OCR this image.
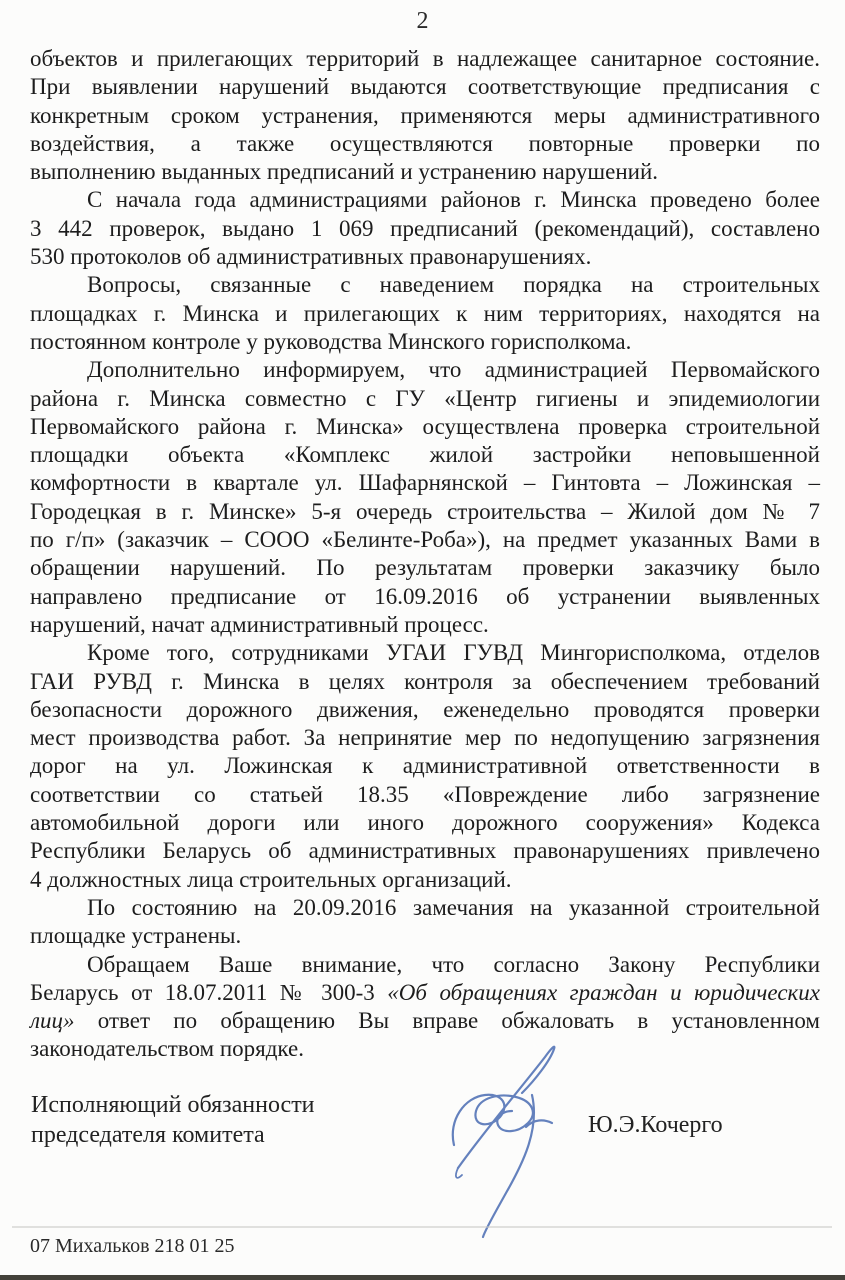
2
объектов и прилегающих территорий в надлежащее санитарное состояние.
При выявлении нарушений выдаются соответствующие предписания с
конкретным сроком устранения, применяются меры административного
воздействия, а также осуществляются повторные проверки по
выполнению выданных предписаний и устранению нарушений.
С начала года администрациями районов г. Минска проведено более
3 442 проверок, выдано 1 069 предписаний (рекомендаций), составлено
530 протоколов об административных правонарушениях.
Вопросы, связанные с наведением порядка на строительных
площадках г. Минска и прилегающих к ним территориях, находятся на
постоянном контроле у руководства Минского горисполкома.
Дополнительно информируем, что администрацией Первомайского
района г. Минска совместно с ГУ «Центр гигиены и эпидемиологии
Первомайского района г. Минска» осуществлена проверка строительной
площадки объекта «Комплекс жилой застройки неповышенной
комфортности в квартале ул. Шафарнянской – Гинтовта – Ложинская –
Городецкая в г. Минске» 5-я очередь строительства – Жилой дом № 7
по г/п» (заказчик – СООО «Белинте-Роба»), на предмет указанных Вами в
обращении нарушений. По результатам проверки заказчику было
направлено предписание от 16.09.2016 об устранении выявленных
нарушений, начат административный процесс.
Кроме того, сотрудниками УГАИ ГУВД Мингорисполкома, отделов
ГАИ РУВД г. Минска в целях контроля за обеспечением требований
безопасности дорожного движения, еженедельно проводятся проверки
мест производства работ. За непринятие мер по недопущению загрязнения
дорог на ул. Ложинская к административной ответственности в
соответствии со статьей 18.35 «Повреждение либо загрязнение
автомобильной дороги или иного дорожного сооружения» Кодекса
Республики Беларусь об административных правонарушениях привлечено
4 должностных лица строительных организаций.
По состоянию на 20.09.2016 замечания на указанной строительной
площадке устранены.
Обращаем Ваше внимание, что согласно Закону Республики
Беларусь от 18.07.2011 № 300-3 «Об обращениях граждан и юридических
лиц» ответ по обращению Вы вправе обжаловать в установленном
законодательством порядке.
Исполняющий обязанности
председателя комитета	Ю.Э.Кочерго
07 Михальков 218 01 25
